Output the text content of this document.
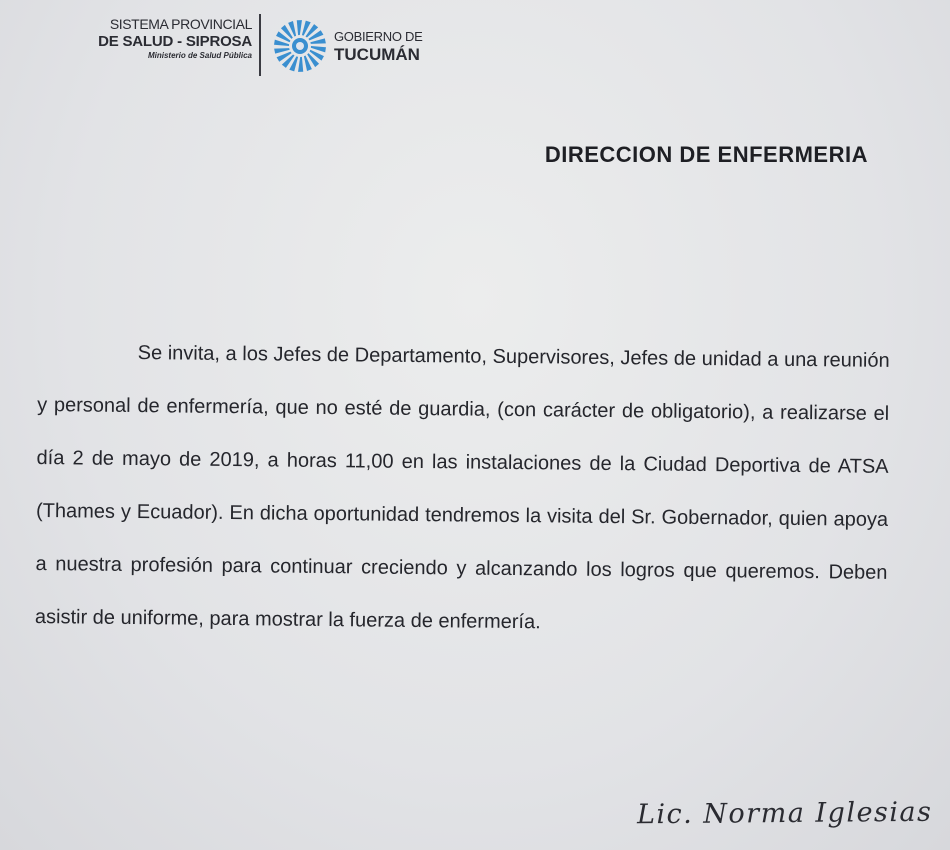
SISTEMA PROVINCIAL
DE SALUD - SIPROSA
Ministerio de Salud Pública
GOBIERNO DE
TUCUMÁN
DIRECCION DE ENFERMERIA
Se invita, a los Jefes de Departamento, Supervisores, Jefes de unidad a una reunión y personal de enfermería, que no esté de guardia, (con carácter de obligatorio), a realizarse el día 2 de mayo de 2019, a horas 11,00 en las instalaciones de la Ciudad Deportiva de ATSA (Thames y Ecuador). En dicha oportunidad tendremos la visita del Sr. Gobernador, quien apoya a nuestra profesión para continuar creciendo y alcanzando los logros que queremos. Deben asistir de uniforme, para mostrar la fuerza de enfermería.
Lic. Norma Iglesias
